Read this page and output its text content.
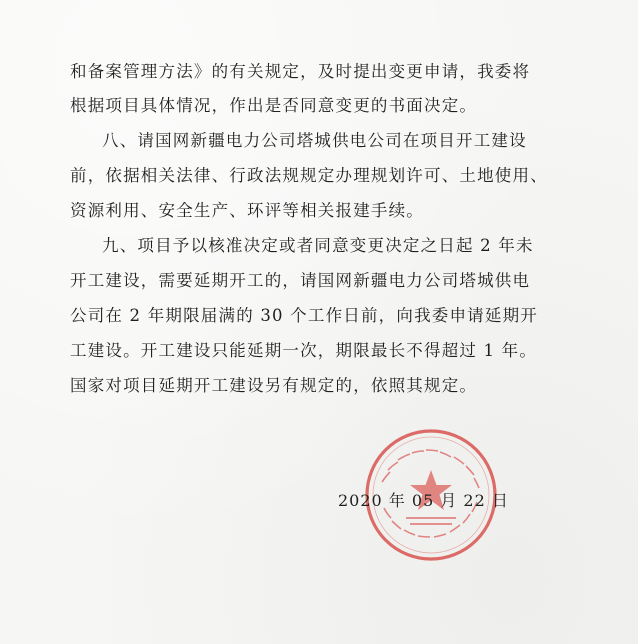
和备案管理方法》的有关规定，及时提出变更申请，我委将
根据项目具体情况，作出是否同意变更的书面决定。
八、请国网新疆电力公司塔城供电公司在项目开工建设
前，依据相关法律、行政法规规定办理规划许可、土地使用、
资源利用、安全生产、环评等相关报建手续。
九、项目予以核准决定或者同意变更决定之日起 2 年未
开工建设，需要延期开工的，请国网新疆电力公司塔城供电
公司在 2 年期限届满的 30 个工作日前，向我委申请延期开
工建设。开工建设只能延期一次，期限最长不得超过 1 年。
国家对项目延期开工建设另有规定的，依照其规定。
2020 年 05 月 22 日
